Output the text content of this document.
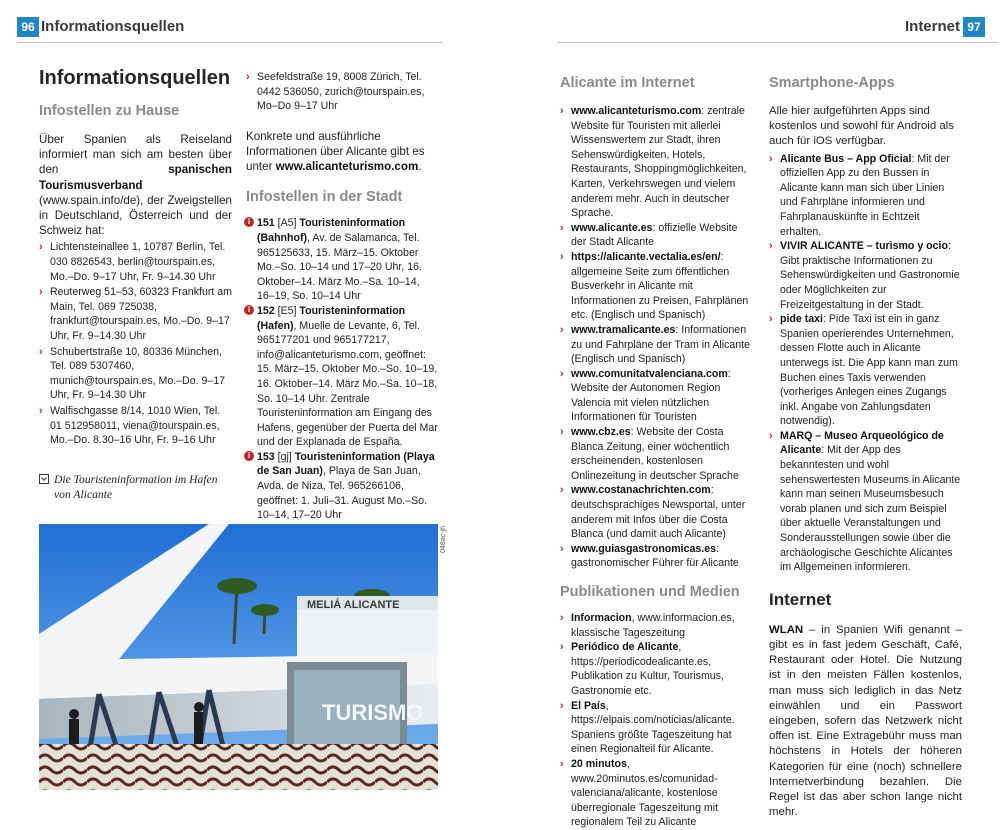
96 Informationsquellen	Internet 97
Informationsquellen
Infostellen zu Hause
Über Spanien als Reiseland informiert man sich am besten über den spanischen Tourismusverband (www.spain.info/de), der Zweigstellen in Deutschland, Österreich und der Schweiz hat:
› Lichtensteinallee 1, 10787 Berlin, Tel. 030 8826543, berlin@tourspain.es, Mo.–Do. 9–17 Uhr, Fr. 9–14.30 Uhr
› Reuterweg 51–53, 60323 Frankfurt am Main, Tel. 069 725038, frankfurt@tourspain.es, Mo.–Do. 9–17 Uhr, Fr. 9–14.30 Uhr
› Schubertstraße 10, 80336 München, Tel. 089 5307460, munich@tourspain.es, Mo.–Do. 9–17 Uhr, Fr. 9–14.30 Uhr
› Walfischgasse 8/14, 1010 Wien, Tel. 01 512958011, viena@tourspain.es, Mo.–Do. 8.30–16 Uhr, Fr. 9–16 Uhr
Die Touristeninformation im Hafen von Alicante
MELIÁ ALICANTE
TURISMO
048ac-jh
› Seefeldstraße 19, 8008 Zürich, Tel. 0442 536050, zurich@tourspain.es, Mo–Do 9–17 Uhr
Konkrete und ausführliche Informationen über Alicante gibt es unter www.alicanteturismo.com.
Infostellen in der Stadt
i 151 [A5] Touristeninformation (Bahnhof), Av. de Salamanca, Tel. 965125633, 15. März–15. Oktober Mo.–So. 10–14 und 17–20 Uhr, 16. Oktober–14. März Mo.–Sa. 10–14, 16–19, So. 10–14 Uhr
i 152 [E5] Touristeninformation (Hafen), Muelle de Levante, 6, Tel. 965177201 und 965177217, info@alicanteturismo.com, geöffnet: 15. März–15. Oktober Mo.–So. 10–19, 16. Oktober–14. März Mo.–Sa. 10–18, So. 10–14 Uhr. Zentrale Touristeninformation am Eingang des Hafens, gegenüber der Puerta del Mar und der Explanada de España.
i 153 [gj] Touristeninformation (Playa de San Juan), Playa de San Juan, Avda. de Niza, Tel. 965266106, geöffnet: 1. Juli–31. August Mo.–So. 10–14, 17–20 Uhr
Alicante im Internet
› www.alicanteturismo.com: zentrale Website für Touristen mit allerlei Wissenswertem zur Stadt, ihren Sehenswürdigkeiten, Hotels, Restaurants, Shoppingmöglichkeiten, Karten, Verkehrswegen und vielem anderem mehr. Auch in deutscher Sprache.
› www.alicante.es: offizielle Website der Stadt Alicante
› https://alicante.vectalia.es/en/: allgemeine Seite zum öffentlichen Busverkehr in Alicante mit Informationen zu Preisen, Fahrplänen etc. (Englisch und Spanisch)
› www.tramalicante.es: Informationen zu und Fahrpläne der Tram in Alicante (Englisch und Spanisch)
› www.comunitatvalenciana.com: Website der Autonomen Region Valencia mit vielen nützlichen Informationen für Touristen
› www.cbz.es: Website der Costa Blanca Zeitung, einer wöchentlich erscheinenden, kostenlosen Onlinezeitung in deutscher Sprache
› www.costanachrichten.com: deutschsprachiges Newsportal, unter anderem mit Infos über die Costa Blanca (und damit auch Alicante)
› www.guiasgastronomicas.es: gastronomischer Führer für Alicante
Publikationen und Medien
› Informacion, www.informacion.es, klassische Tageszeitung
› Periódico de Alicante, https://periodicodealicante.es, Publikation zu Kultur, Tourismus, Gastronomie etc.
› El País, https://elpais.com/noticias/alicante. Spaniens größte Tageszeitung hat einen Regionalteil für Alicante.
› 20 minutos, www.20minutos.es/comunidad-valenciana/alicante, kostenlose überregionale Tageszeitung mit regionalem Teil zu Alicante
Smartphone-Apps
Alle hier aufgeführten Apps sind kostenlos und sowohl für Android als auch für iOS verfügbar.
› Alicante Bus – App Oficial: Mit der offiziellen App zu den Bussen in Alicante kann man sich über Linien und Fahrpläne informieren und Fahrplanauskünfte in Echtzeit erhalten.
› VIVIR ALICANTE – turismo y ocio: Gibt praktische Informationen zu Sehenswürdigkeiten und Gastronomie oder Möglichkeiten zur Freizeitgestaltung in der Stadt.
› pide taxi: Pide Taxi ist ein in ganz Spanien operierendes Unternehmen, dessen Flotte auch in Alicante unterwegs ist. Die App kann man zum Buchen eines Taxis verwenden (vorheriges Anlegen eines Zugangs inkl. Angabe von Zahlungsdaten notwendig).
› MARQ – Museo Arqueológico de Alicante: Mit der App des bekanntesten und wohl sehenswertesten Museums in Alicante kann man seinen Museumsbesuch vorab planen und sich zum Beispiel über aktuelle Veranstaltungen und Sonderausstellungen sowie über die archäologische Geschichte Alicantes im Allgemeinen informieren.
Internet
WLAN – in Spanien Wifi genannt – gibt es in fast jedem Geschäft, Café, Restaurant oder Hotel. Die Nutzung ist in den meisten Fällen kostenlos, man muss sich lediglich in das Netz einwählen und ein Passwort eingeben, sofern das Netzwerk nicht offen ist. Eine Extragebühr muss man höchstens in Hotels der höheren Kategorien für eine (noch) schnellere Internetverbindung bezahlen. Die Regel ist das aber schon lange nicht mehr.
